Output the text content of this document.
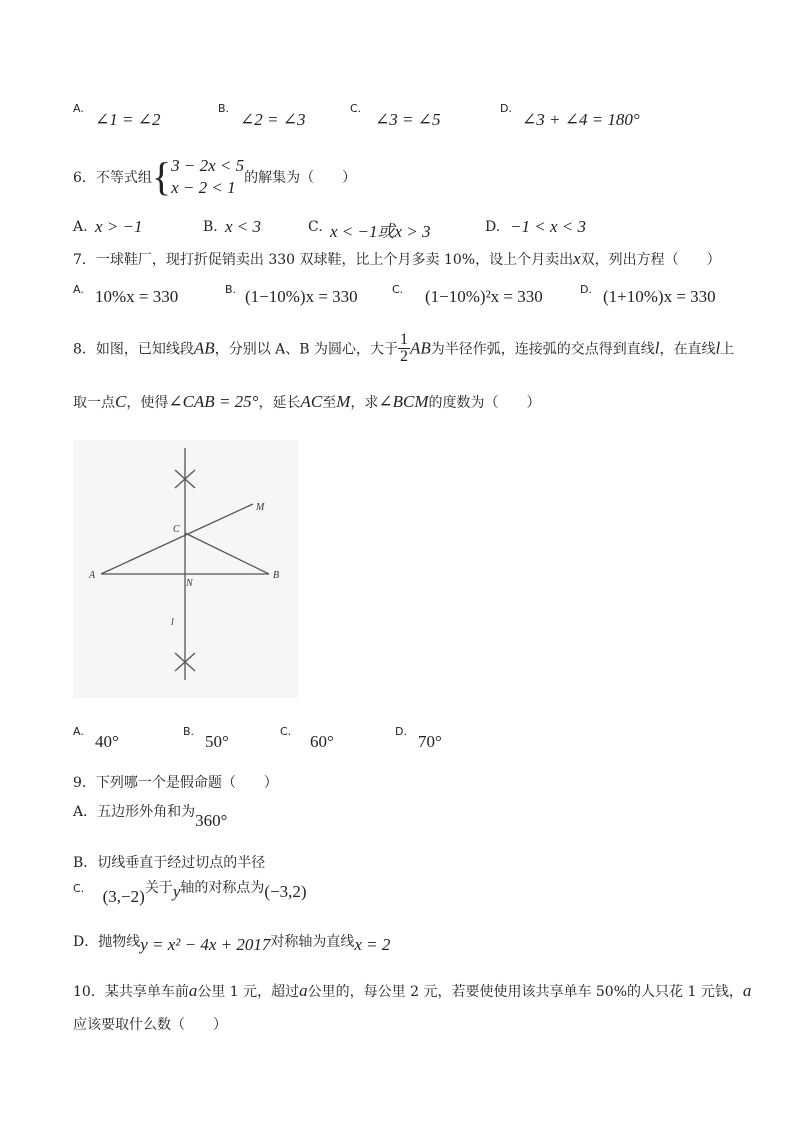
A.
∠1 = ∠2
B.
∠2 = ∠3
C.
∠3 = ∠5
D.
∠3 + ∠4 = 180°
6．不等式组{ 3 − 2x < 5
x − 2 < 1 的解集为（　　）
A. x > −1	B. x < 3	C. x < −1或x > 3	D. −1 < x < 3
7．一球鞋厂，现打折促销卖出 330 双球鞋，比上个月多卖 10%，设上个月卖出x双，列出方程（　　）
A. 10%x = 330	B. (1−10%)x = 330	C. (1−10%)²x = 330	D. (1+10%)x = 330
8．如图，已知线段AB，分别以 A、B 为圆心，大于 $\frac{1}{2}$ AB为半径作弧，连接弧的交点得到直线l，在直线l上
取一点C，使得∠CAB = 25°，延长AC至M，求∠BCM的度数为（　　）
A	B
C
N
M
l
A.
40°
B.
50°
C.
60°
D.
70°
9．下列哪一个是假命题（　　）
A．五边形外角和为360°
B．切线垂直于经过切点的半径
C. (3,−2)关于y轴的对称点为(−3,2)
D．抛物线y = x² − 4x + 2017对称轴为直线x = 2
10．某共享单车前a公里 1 元，超过a公里的，每公里 2 元，若要使使用该共享单车 50%的人只花 1 元钱，a
应该要取什么数（　　）
